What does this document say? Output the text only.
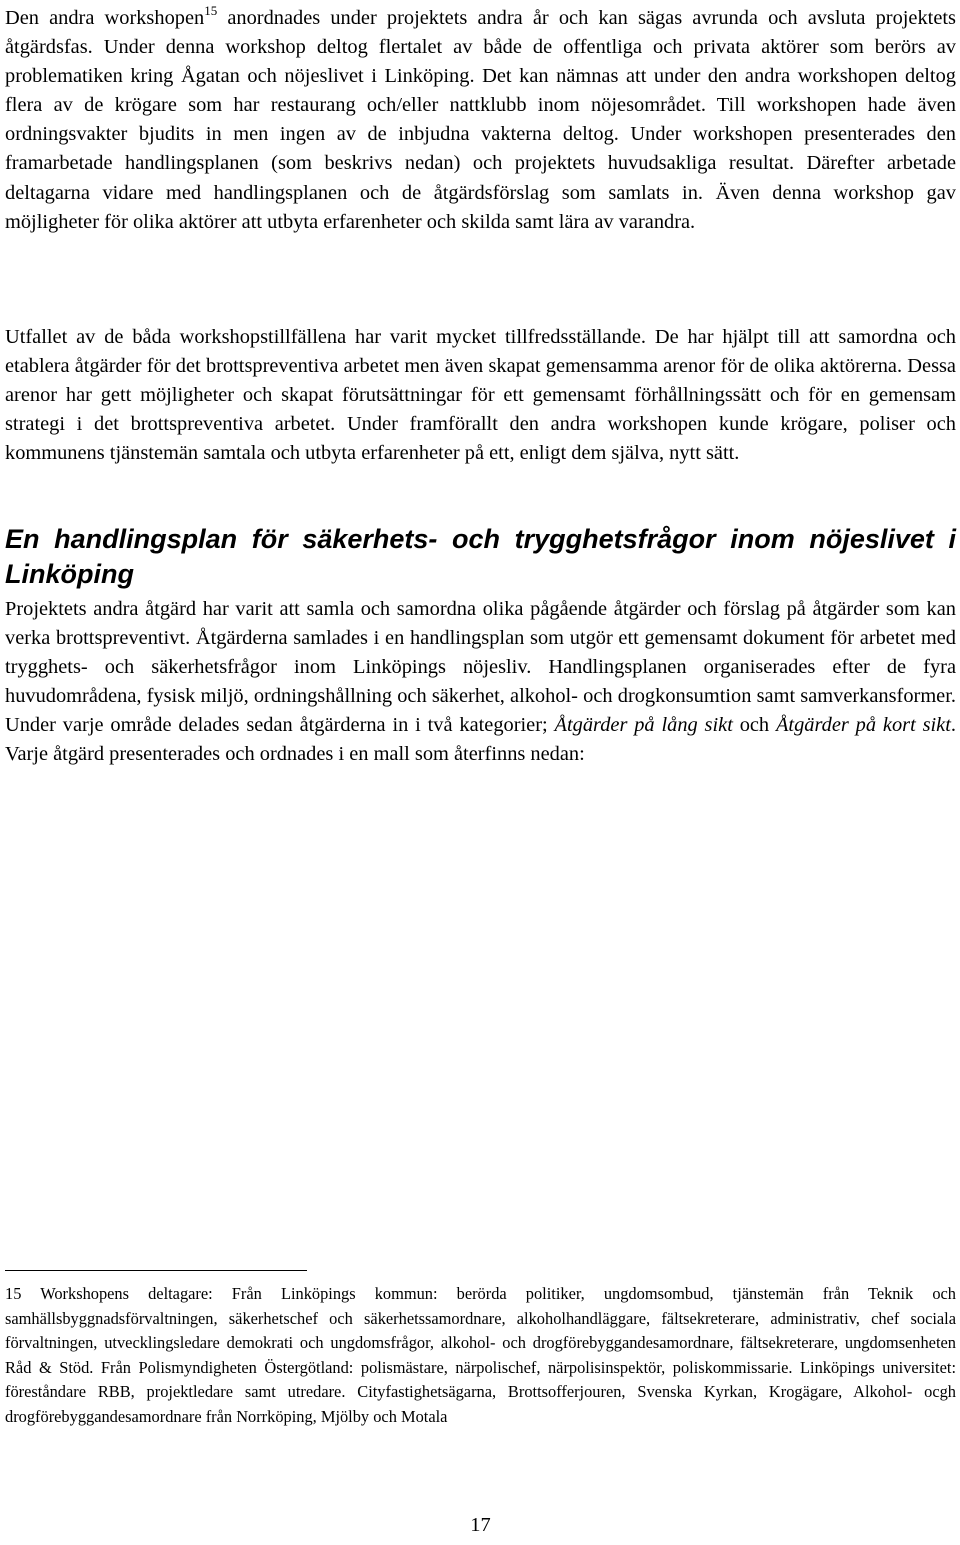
Den andra workshopen$^{15}$ anordnades under projektets andra år och kan sägas avrunda och avsluta projektets åtgärdsfas. Under denna workshop deltog flertalet av både de offentliga och privata aktörer som berörs av problematiken kring Ågatan och nöjeslivet i Linköping. Det kan nämnas att under den andra workshopen deltog flera av de krögare som har restaurang och/eller nattklubb inom nöjesområdet. Till workshopen hade även ordningsvakter bjudits in men ingen av de inbjudna vakterna deltog. Under workshopen presenterades den framarbetade handlingsplanen (som beskrivs nedan) och projektets huvudsakliga resultat. Därefter arbetade deltagarna vidare med handlingsplanen och de åtgärdsförslag som samlats in. Även denna workshop gav möjligheter för olika aktörer att utbyta erfarenheter och skilda samt lära av varandra.

Utfallet av de båda workshopstillfällena har varit mycket tillfredsställande. De har hjälpt till att samordna och etablera åtgärder för det brottspreventiva arbetet men även skapat gemensamma arenor för de olika aktörerna. Dessa arenor har gett möjligheter och skapat förutsättningar för ett gemensamt förhållningssätt och för en gemensam strategi i det brottspreventiva arbetet. Under framförallt den andra workshopen kunde krögare, poliser och kommunens tjänstemän samtala och utbyta erfarenheter på ett, enligt dem själva, nytt sätt.

En handlingsplan för säkerhets- och trygghetsfrågor inom nöjeslivet i Linköping

Projektets andra åtgärd har varit att samla och samordna olika pågående åtgärder och förslag på åtgärder som kan verka brottspreventivt. Åtgärderna samlades i en handlingsplan som utgör ett gemensamt dokument för arbetet med trygghets- och säkerhetsfrågor inom Linköpings nöjesliv. Handlingsplanen organiserades efter de fyra huvudområdena, fysisk miljö, ordningshållning och säkerhet, alkohol- och drogkonsumtion samt samverkansformer. Under varje område delades sedan åtgärderna in i två kategorier; Åtgärder på lång sikt och Åtgärder på kort sikt. Varje åtgärd presenterades och ordnades i en mall som återfinns nedan:

15 Workshopens deltagare: Från Linköpings kommun: berörda politiker, ungdomsombud, tjänstemän från Teknik och samhällsbyggnadsförvaltningen, säkerhetschef och säkerhetssamordnare, alkoholhandläggare, fältsekreterare, administrativ, chef sociala förvaltningen, utvecklingsledare demokrati och ungdomsfrågor, alkohol- och drogförebyggandesamordnare, fältsekreterare, ungdomsenheten Råd & Stöd. Från Polismyndigheten Östergötland: polismästare, närpolischef, närpolisinspektör, poliskommissarie. Linköpings universitet: föreståndare RBB, projektledare samt utredare. Cityfastighetsägarna, Brottsofferjouren, Svenska Kyrkan, Krogägare, Alkohol- ocgh drogförebyggandesamordnare från Norrköping, Mjölby och Motala

17
